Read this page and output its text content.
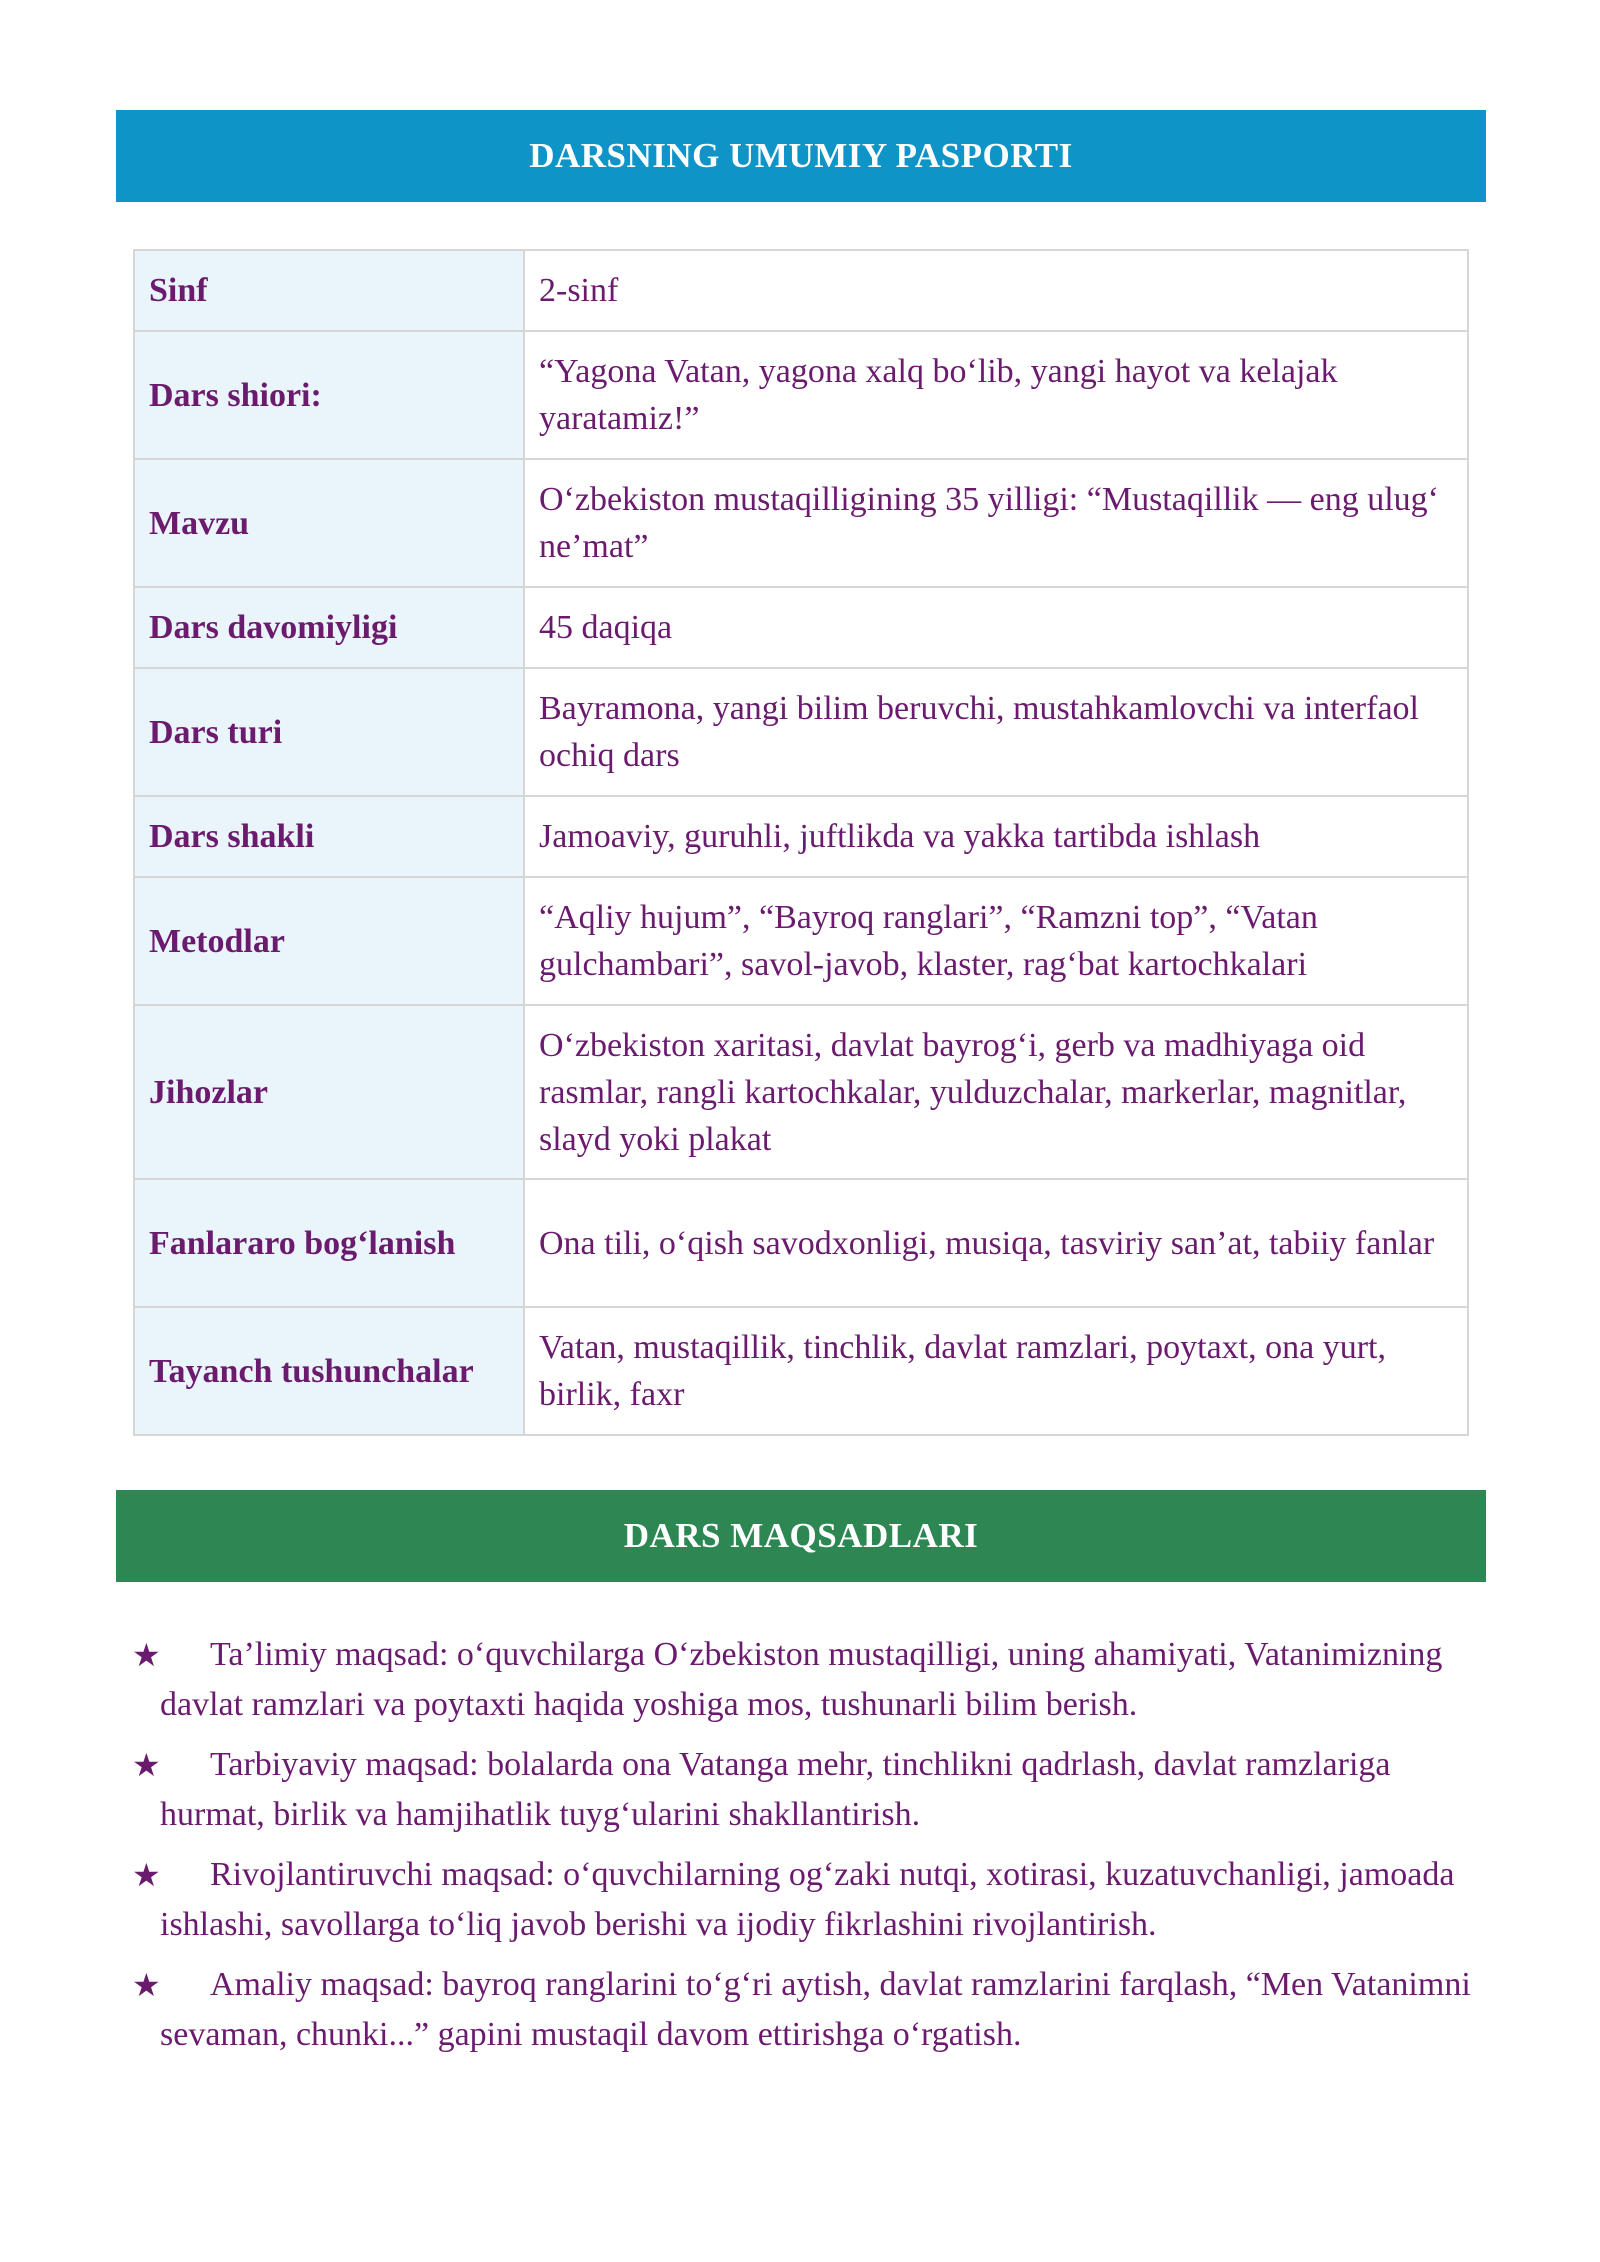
DARSNING UMUMIY PASPORTI
Sinf	2-sinf
Dars shiori:	“Yagona Vatan, yagona xalq bo‘lib, yangi hayot va kelajak yaratamiz!”
Mavzu	O‘zbekiston mustaqilligining 35 yilligi: “Mustaqillik — eng ulug‘ ne’mat”
Dars davomiyligi	45 daqiqa
Dars turi	Bayramona, yangi bilim beruvchi, mustahkamlovchi va interfaol ochiq dars
Dars shakli	Jamoaviy, guruhli, juftlikda va yakka tartibda ishlash
Metodlar	“Aqliy hujum”, “Bayroq ranglari”, “Ramzni top”, “Vatan gulchambari”, savol-javob, klaster, rag‘bat kartochkalari
Jihozlar	O‘zbekiston xaritasi, davlat bayrog‘i, gerb va madhiyaga oid rasmlar, rangli kartochkalar, yulduzchalar, markerlar, magnitlar, slayd yoki plakat
Fanlararo bog‘lanish	Ona tili, o‘qish savodxonligi, musiqa, tasviriy san’at, tabiiy fanlar
Tayanch tushunchalar	Vatan, mustaqillik, tinchlik, davlat ramzlari, poytaxt, ona yurt, birlik, faxr
DARS MAQSADLARI
★	Ta’limiy maqsad: o‘quvchilarga O‘zbekiston mustaqilligi, uning ahamiyati, Vatanimizning davlat ramzlari va poytaxti haqida yoshiga mos, tushunarli bilim berish.
★	Tarbiyaviy maqsad: bolalarda ona Vatanga mehr, tinchlikni qadrlash, davlat ramzlariga hurmat, birlik va hamjihatlik tuyg‘ularini shakllantirish.
★	Rivojlantiruvchi maqsad: o‘quvchilarning og‘zaki nutqi, xotirasi, kuzatuvchanligi, jamoada ishlashi, savollarga to‘liq javob berishi va ijodiy fikrlashini rivojlantirish.
★	Amaliy maqsad: bayroq ranglarini to‘g‘ri aytish, davlat ramzlarini farqlash, “Men Vatanimni sevaman, chunki...” gapini mustaqil davom ettirishga o‘rgatish.
